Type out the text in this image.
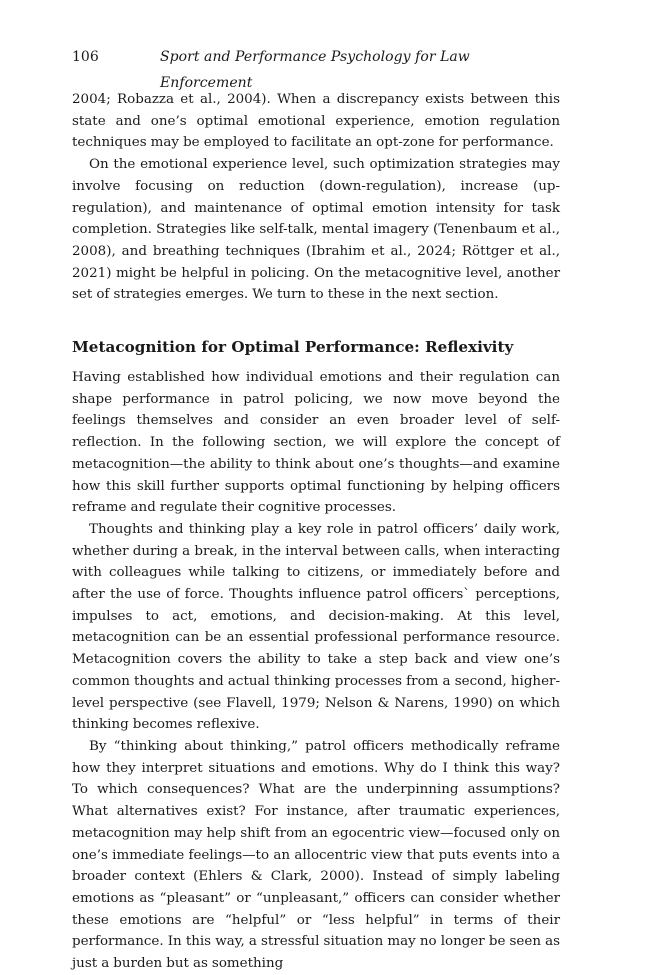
106	Sport and Performance Psychology for Law Enforcement

2004; Robazza et al., 2004). When a discrepancy exists between this state and one’s optimal emotional experience, emotion regulation techniques may be employed to facilitate an opt-zone for performance.

On the emotional experience level, such optimization strategies may involve focusing on reduction (down-regulation), increase (up-regulation), and maintenance of optimal emotion intensity for task completion. Strategies like self-talk, mental imagery (Tenenbaum et al., 2008), and breathing techniques (Ibrahim et al., 2024; Röttger et al., 2021) might be helpful in policing. On the metacognitive level, another set of strategies emerges. We turn to these in the next section.

Metacognition for Optimal Performance: Reflexivity

Having established how individual emotions and their regulation can shape performance in patrol policing, we now move beyond the feelings themselves and consider an even broader level of self-reflection. In the following section, we will explore the concept of metacognition—the ability to think about one’s thoughts—and examine how this skill further supports optimal functioning by helping officers reframe and regulate their cognitive processes.

Thoughts and thinking play a key role in patrol officers’ daily work, whether during a break, in the interval between calls, when interacting with colleagues while talking to citizens, or immediately before and after the use of force. Thoughts influence patrol officers` perceptions, impulses to act, emotions, and decision-making. At this level, metacognition can be an essential professional performance resource. Metacognition covers the ability to take a step back and view one’s common thoughts and actual thinking processes from a second, higher-level perspective (see Flavell, 1979; Nelson & Narens, 1990) on which thinking becomes reflexive.

By “thinking about thinking,” patrol officers methodically reframe how they interpret situations and emotions. Why do I think this way? To which consequences? What are the underpinning assumptions? What alternatives exist? For instance, after traumatic experiences, metacognition may help shift from an egocentric view—focused only on one’s immediate feelings—to an allocentric view that puts events into a broader context (Ehlers & Clark, 2000). Instead of simply labeling emotions as “pleasant” or “unpleasant,” officers can consider whether these emotions are “helpful” or “less helpful” in terms of their performance. In this way, a stressful situation may no longer be seen as just a burden but as something
